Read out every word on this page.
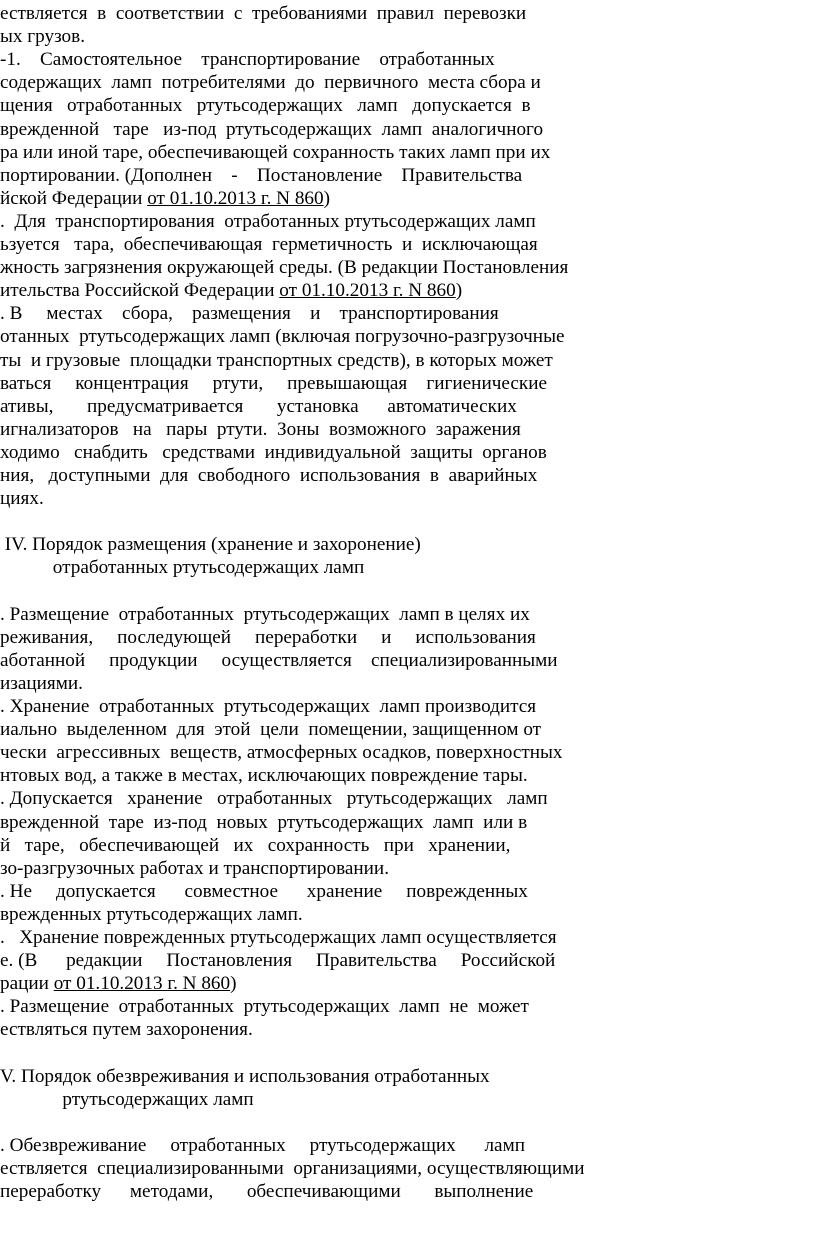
ествляется  в  соответствии  с  требованиями  правил  перевозки
ых грузов.
-1.    Самостоятельное    транспортирование    отработанных
содержащих  ламп  потребителями  до  первичного  места сбора и
щения   отработанных   ртутьсодержащих   ламп   допускается  в
врежденной   таре   из-под  ртутьсодержащих  ламп  аналогичного
ра или иной таре, обеспечивающей сохранность таких ламп при их
портировании. (Дополнен    -    Постановление    Правительства
йской Федерации от 01.10.2013 г. N 860)
.  Для  транспортирования  отработанных ртутьсодержащих ламп
ьзуется   тара,  обеспечивающая  герметичность  и  исключающая
жность загрязнения окружающей среды. (В редакции Постановления
ительства Российской Федерации от 01.10.2013 г. N 860)
. В     местах    сбора,    размещения    и    транспортирования
отанных  ртутьсодержащих ламп (включая погрузочно-разгрузочные
ты  и грузовые  площадки транспортных средств), в которых может
ваться     концентрация     ртути,     превышающая    гигиенические
ативы,       предусматривается       установка      автоматических
игнализаторов   на   пары  ртути.  Зоны  возможного  заражения
ходимо   снабдить   средствами  индивидуальной  защиты  органов
ния,   доступными  для  свободного  использования  в  аварийных
циях.
IV. Порядок размещения (хранение и захоронение)
отработанных ртутьсодержащих ламп
. Размещение  отработанных  ртутьсодержащих  ламп в целях их
реживания,     последующей     переработки     и     использования
аботанной     продукции     осуществляется    специализированными
изациями.
. Хранение  отработанных  ртутьсодержащих  ламп производится
иально  выделенном  для  этой  цели  помещении, защищенном от
чески  агрессивных  веществ, атмосферных осадков, поверхностных
нтовых вод, а также в местах, исключающих повреждение тары.
. Допускается   хранение   отработанных   ртутьсодержащих   ламп
врежденной  таре  из-под  новых  ртутьсодержащих  ламп  или в
й   таре,   обеспечивающей   их   сохранность   при   хранении,
зо-разгрузочных работах и транспортировании.
. Не     допускается      совместное      хранение     поврежденных
врежденных ртутьсодержащих ламп.
.   Хранение поврежденных ртутьсодержащих ламп осуществляется
е. (В      редакции     Постановления     Правительства     Российской
рации от 01.10.2013 г. N 860)
. Размещение  отработанных  ртутьсодержащих  ламп  не  может
ествляться путем захоронения.
V. Порядок обезвреживания и использования отработанных
ртутьсодержащих ламп
. Обезвреживание     отработанных     ртутьсодержащих      ламп
ествляется  специализированными  организациями, осуществляющими
переработку      методами,       обеспечивающими       выполнение
